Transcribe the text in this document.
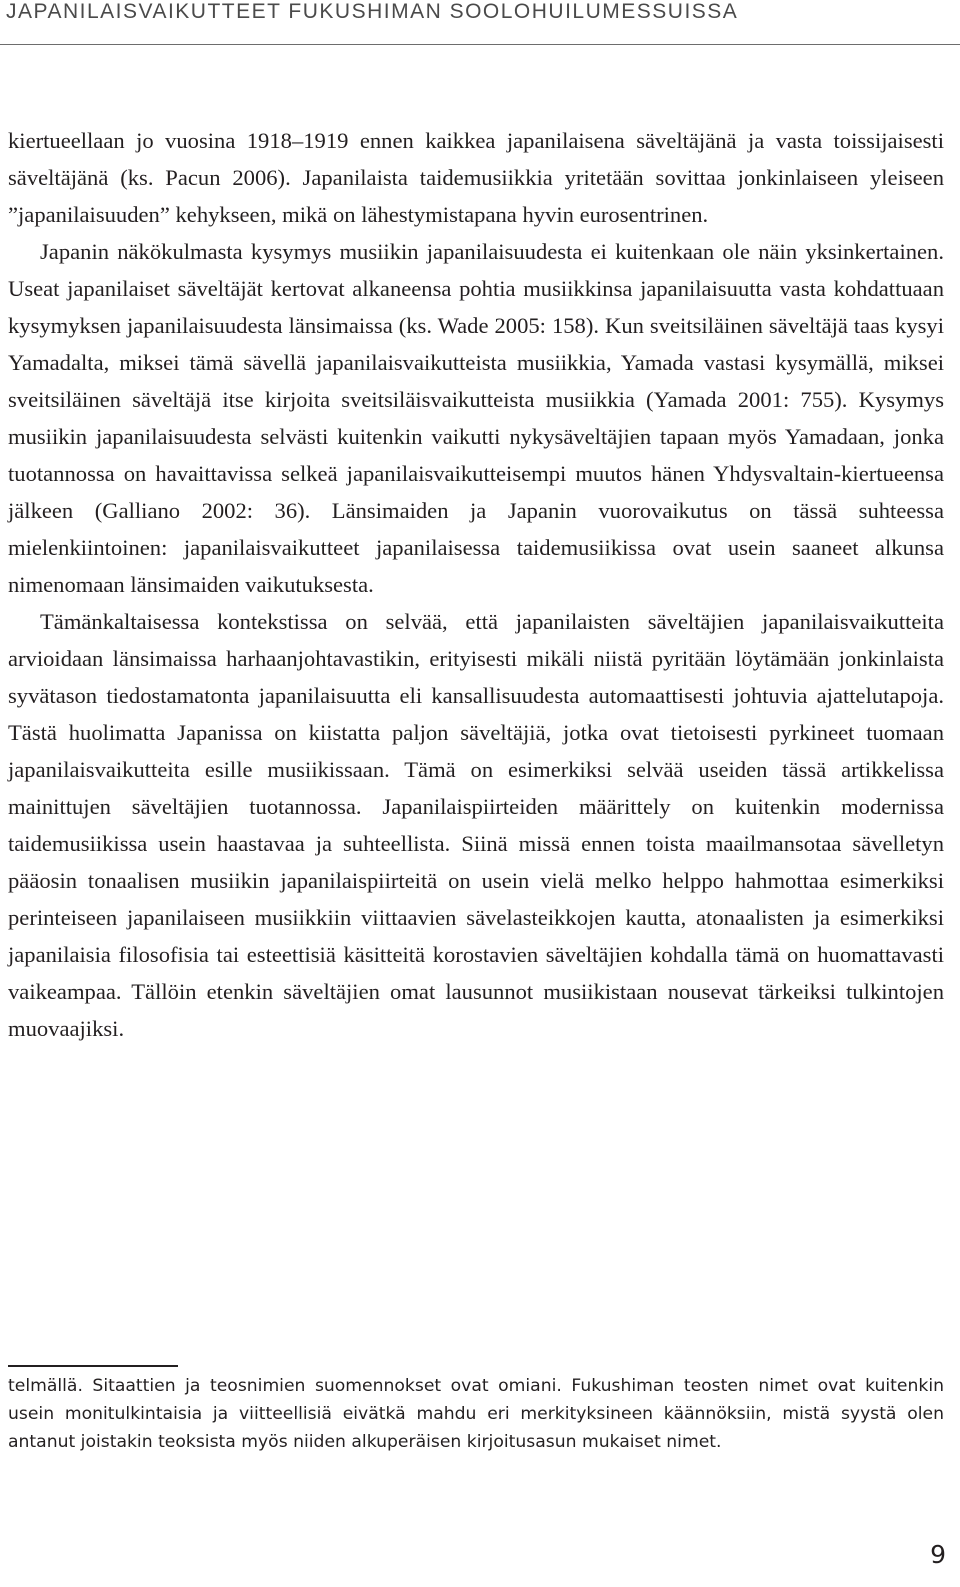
JAPANILAISVAIKUTTEET FUKUSHIMAN SOOLOHUILUMESSUISSA

kiertueellaan jo vuosina 1918–1919 ennen kaikkea japanilaisena säveltäjänä ja vasta toissijaisesti säveltäjänä (ks. Pacun 2006). Japanilaista taidemusiikkia yritetään sovittaa jonkinlaiseen yleiseen ”japanilaisuuden” kehykseen, mikä on lähestymistapana hyvin eurosentrinen.

Japanin näkökulmasta kysymys musiikin japanilaisuudesta ei kuitenkaan ole näin yksinkertainen. Useat japanilaiset säveltäjät kertovat alkaneensa pohtia musiikkinsa japanilaisuutta vasta kohdattuaan kysymyksen japanilaisuudesta länsimaissa (ks. Wade 2005: 158). Kun sveitsiläinen säveltäjä taas kysyi Yamadalta, miksei tämä sävellä japanilaisvaikutteista musiikkia, Yamada vastasi kysymällä, miksei sveitsiläinen säveltäjä itse kirjoita sveitsiläisvaikutteista musiikkia (Yamada 2001: 755). Kysymys musiikin japanilaisuudesta selvästi kuitenkin vaikutti nykysäveltäjien tapaan myös Yamadaan, jonka tuotannossa on havaittavissa selkeä japanilaisvaikutteisempi muutos hänen Yhdysvaltain-kiertueensa jälkeen (Galliano 2002: 36). Länsimaiden ja Japanin vuorovaikutus on tässä suhteessa mielenkiintoinen: japanilaisvaikutteet japanilaisessa taidemusiikissa ovat usein saaneet alkunsa nimenomaan länsimaiden vaikutuksesta.

Tämänkaltaisessa kontekstissa on selvää, että japanilaisten säveltäjien japanilaisvaikutteita arvioidaan länsimaissa harhaanjohtavastikin, erityisesti mikäli niistä pyritään löytämään jonkinlaista syvätason tiedostamatonta japanilaisuutta eli kansallisuudesta automaattisesti johtuvia ajattelutapoja. Tästä huolimatta Japanissa on kiistatta paljon säveltäjiä, jotka ovat tietoisesti pyrkineet tuomaan japanilaisvaikutteita esille musiikissaan. Tämä on esimerkiksi selvää useiden tässä artikkelissa mainittujen säveltäjien tuotannossa. Japanilaispiirteiden määrittely on kuitenkin modernissa taidemusiikissa usein haastavaa ja suhteellista. Siinä missä ennen toista maailmansotaa sävelletyn pääosin tonaalisen musiikin japanilaispiirteitä on usein vielä melko helppo hahmottaa esimerkiksi perinteiseen japanilaiseen musiikkiin viittaavien sävelasteikkojen kautta, atonaalisten ja esimerkiksi japanilaisia filosofisia tai esteettisiä käsitteitä korostavien säveltäjien kohdalla tämä on huomattavasti vaikeampaa. Tällöin etenkin säveltäjien omat lausunnot musiikistaan nousevat tärkeiksi tulkintojen muovaajiksi.

telmällä. Sitaattien ja teosnimien suomennokset ovat omiani. Fukushiman teosten nimet ovat kuitenkin usein monitulkintaisia ja viitteellisiä eivätkä mahdu eri merkityksineen käännöksiin, mistä syystä olen antanut joistakin teoksista myös niiden alkuperäisen kirjoitusasun mukaiset nimet.

9
